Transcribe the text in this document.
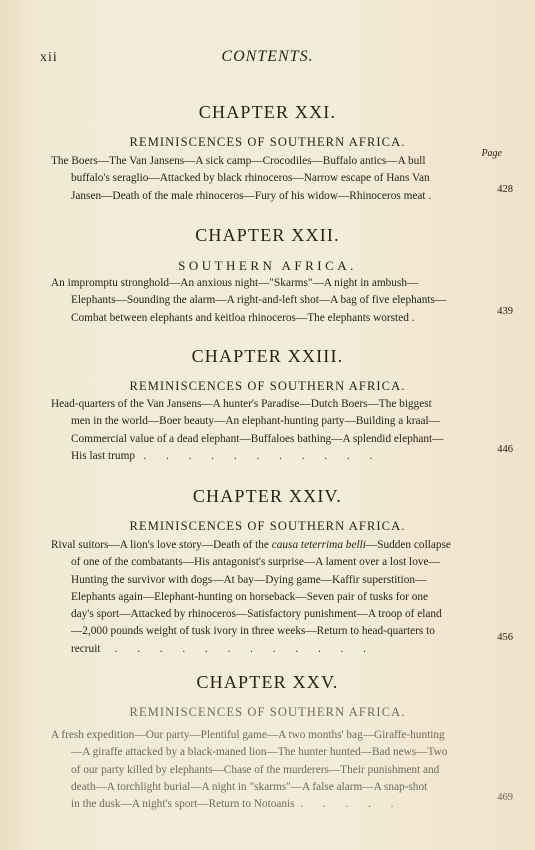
xii	CONTENTS.
CHAPTER XXI.
REMINISCENCES OF SOUTHERN AFRICA.
Page
The Boers—The Van Jansens—A sick camp—Crocodiles—Buffalo antics—A bull
buffalo's seraglio—Attacked by black rhinoceros—Narrow escape of Hans Van
Jansen—Death of the male rhinoceros—Fury of his widow—Rhinoceros meat .
428
CHAPTER XXII.
SOUTHERN AFRICA.
An impromptu stronghold—An anxious night—"Skarms"—A night in ambush—
Elephants—Sounding the alarm—A right-and-left shot—A bag of five elephants—
Combat between elephants and keitloa rhinoceros—The elephants worsted .
439
CHAPTER XXIII.
REMINISCENCES OF SOUTHERN AFRICA.
Head-quarters of the Van Jansens—A hunter's Paradise—Dutch Boers—The biggest
men in the world—Boer beauty—An elephant-hunting party—Building a kraal—
Commercial value of a dead elephant—Buffaloes bathing—A splendid elephant—
His last trump   .       .       .       .       .       .       .       .       .       .       .
446
CHAPTER XXIV.
REMINISCENCES OF SOUTHERN AFRICA.
Rival suitors—A lion's love story—Death of the causa teterrima belli—Sudden collapse
of one of the combatants—His antagonist's surprise—A lament over a lost love—
Hunting the survivor with dogs—At bay—Dying game—Kaffir superstition—
Elephants again—Elephant-hunting on horseback—Seven pair of tusks for one
day's sport—Attacked by rhinoceros—Satisfactory punishment—A troop of eland
—2,000 pounds weight of tusk ivory in three weeks—Return to head-quarters to
recruit     .       .       .       .       .       .       .       .       .       .       .       .
456
CHAPTER XXV.
REMINISCENCES OF SOUTHERN AFRICA.
A fresh expedition—Our party—Plentiful game—A two months' bag—Giraffe-hunting
—A giraffe attacked by a black-maned lion—The hunter hunted—Bad news—Two
of our party killed by elephants—Chase of the murderers—Their punishment and
death—A torchlight burial—A night in "skarms"—A false alarm—A snap-shot
in the dusk—A night's sport—Return to Notoanis  .       .       .       .       .
469
